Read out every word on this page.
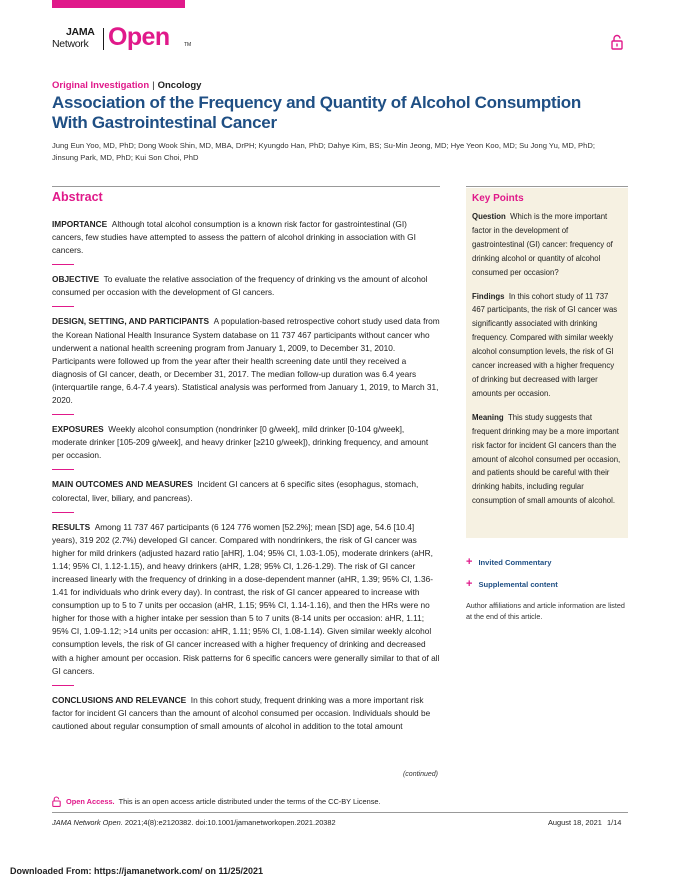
JAMA
Network Open	TM
Original Investigation | Oncology
Association of the Frequency and Quantity of Alcohol Consumption With Gastrointestinal Cancer
Jung Eun Yoo, MD, PhD; Dong Wook Shin, MD, MBA, DrPH; Kyungdo Han, PhD; Dahye Kim, BS; Su-Min Jeong, MD; Hye Yeon Koo, MD; Su Jong Yu, MD, PhD; Jinsung Park, MD, PhD; Kui Son Choi, PhD
Abstract
IMPORTANCE Although total alcohol consumption is a known risk factor for gastrointestinal (GI) cancers, few studies have attempted to assess the pattern of alcohol drinking in association with GI cancers.
OBJECTIVE To evaluate the relative association of the frequency of drinking vs the amount of alcohol consumed per occasion with the development of GI cancers.
DESIGN, SETTING, AND PARTICIPANTS A population-based retrospective cohort study used data from the Korean National Health Insurance System database on 11 737 467 participants without cancer who underwent a national health screening program from January 1, 2009, to December 31, 2010. Participants were followed up from the year after their health screening date until they received a diagnosis of GI cancer, death, or December 31, 2017. The median follow-up duration was 6.4 years (interquartile range, 6.4-7.4 years). Statistical analysis was performed from January 1, 2019, to March 31, 2020.
EXPOSURES Weekly alcohol consumption (nondrinker [0 g/week], mild drinker [0-104 g/week], moderate drinker [105-209 g/week], and heavy drinker [≥210 g/week]), drinking frequency, and amount per occasion.
MAIN OUTCOMES AND MEASURES Incident GI cancers at 6 specific sites (esophagus, stomach, colorectal, liver, biliary, and pancreas).
RESULTS Among 11 737 467 participants (6 124 776 women [52.2%]; mean [SD] age, 54.6 [10.4] years), 319 202 (2.7%) developed GI cancer. Compared with nondrinkers, the risk of GI cancer was higher for mild drinkers (adjusted hazard ratio [aHR], 1.04; 95% CI, 1.03-1.05), moderate drinkers (aHR, 1.14; 95% CI, 1.12-1.15), and heavy drinkers (aHR, 1.28; 95% CI, 1.26-1.29). The risk of GI cancer increased linearly with the frequency of drinking in a dose-dependent manner (aHR, 1.39; 95% CI, 1.36-1.41 for individuals who drink every day). In contrast, the risk of GI cancer appeared to increase with consumption up to 5 to 7 units per occasion (aHR, 1.15; 95% CI, 1.14-1.16), and then the HRs were no higher for those with a higher intake per session than 5 to 7 units (8-14 units per occasion: aHR, 1.11; 95% CI, 1.09-1.12; >14 units per occasion: aHR, 1.11; 95% CI, 1.08-1.14). Given similar weekly alcohol consumption levels, the risk of GI cancer increased with a higher frequency of drinking and decreased with a higher amount per occasion. Risk patterns for 6 specific cancers were generally similar to that of all GI cancers.
CONCLUSIONS AND RELEVANCE In this cohort study, frequent drinking was a more important risk factor for incident GI cancers than the amount of alcohol consumed per occasion. Individuals should be cautioned about regular consumption of small amounts of alcohol in addition to the total amount
(continued)
Key Points
Question Which is the more important factor in the development of gastrointestinal (GI) cancer: frequency of drinking alcohol or quantity of alcohol consumed per occasion?
Findings In this cohort study of 11 737 467 participants, the risk of GI cancer was significantly associated with drinking frequency. Compared with similar weekly alcohol consumption levels, the risk of GI cancer increased with a higher frequency of drinking but decreased with larger amounts per occasion.
Meaning This study suggests that frequent drinking may be a more important risk factor for incident GI cancers than the amount of alcohol consumed per occasion, and patients should be careful with their drinking habits, including regular consumption of small amounts of alcohol.
+ Invited Commentary
+ Supplemental content
Author affiliations and article information are listed at the end of this article.
Open Access. This is an open access article distributed under the terms of the CC-BY License.
JAMA Network Open. 2021;4(8):e2120382. doi:10.1001/jamanetworkopen.2021.20382	August 18, 2021 1/14
Downloaded From: https://jamanetwork.com/ on 11/25/2021
